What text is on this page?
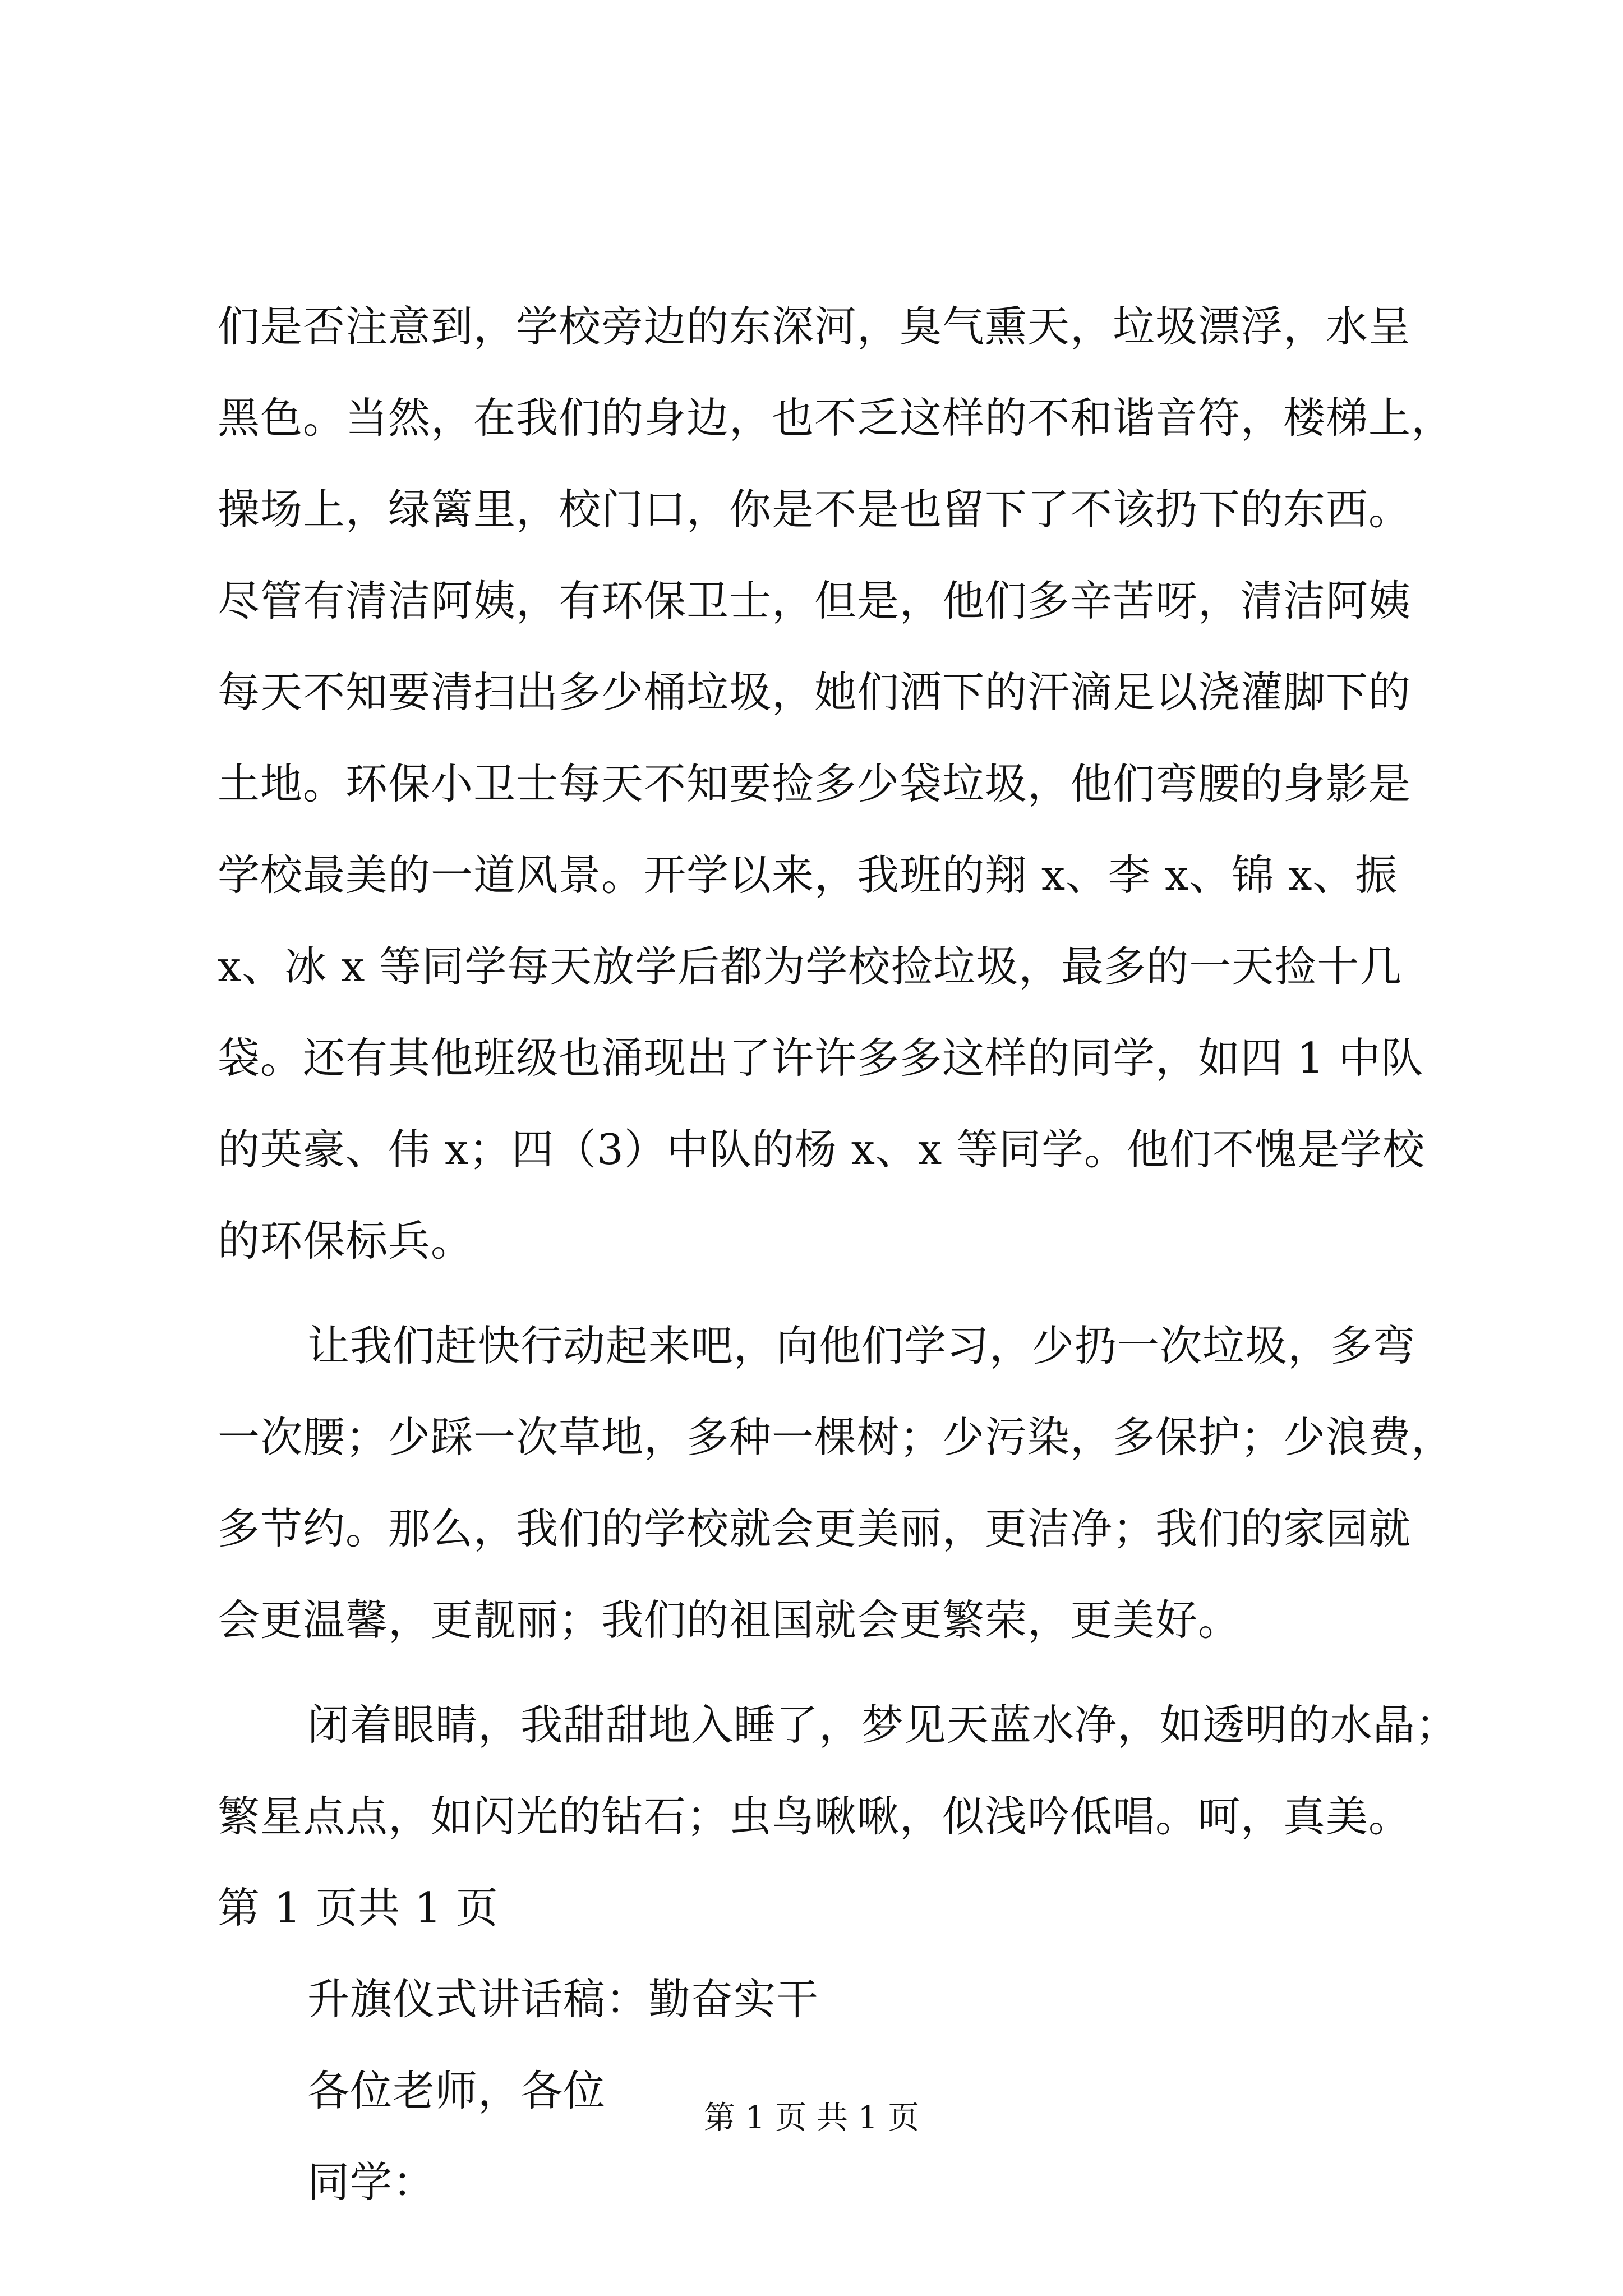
们是否注意到，学校旁边的东深河，臭气熏天，垃圾漂浮，水呈
黑色。当然，在我们的身边，也不乏这样的不和谐音符，楼梯上，
操场上，绿篱里，校门口，你是不是也留下了不该扔下的东西。
尽管有清洁阿姨，有环保卫士，但是，他们多辛苦呀，清洁阿姨
每天不知要清扫出多少桶垃圾，她们洒下的汗滴足以浇灌脚下的
土地。环保小卫士每天不知要捡多少袋垃圾，他们弯腰的身影是
学校最美的一道风景。开学以来，我班的翔 x、李 x、锦 x、振
x、冰 x 等同学每天放学后都为学校捡垃圾，最多的一天捡十几
袋。还有其他班级也涌现出了许许多多这样的同学，如四 1 中队
的英豪、伟 x；四（3）中队的杨 x、x 等同学。他们不愧是学校
的环保标兵。
让我们赶快行动起来吧，向他们学习，少扔一次垃圾，多弯
一次腰；少踩一次草地，多种一棵树；少污染，多保护；少浪费，
多节约。那么，我们的学校就会更美丽，更洁净；我们的家园就
会更温馨，更靓丽；我们的祖国就会更繁荣，更美好。
闭着眼睛，我甜甜地入睡了，梦见天蓝水净，如透明的水晶；
繁星点点，如闪光的钻石；虫鸟啾啾，似浅吟低唱。呵，真美。
第 1 页共 1 页
升旗仪式讲话稿：勤奋实干
各位老师，各位
同学：
第 1 页 共 1 页
